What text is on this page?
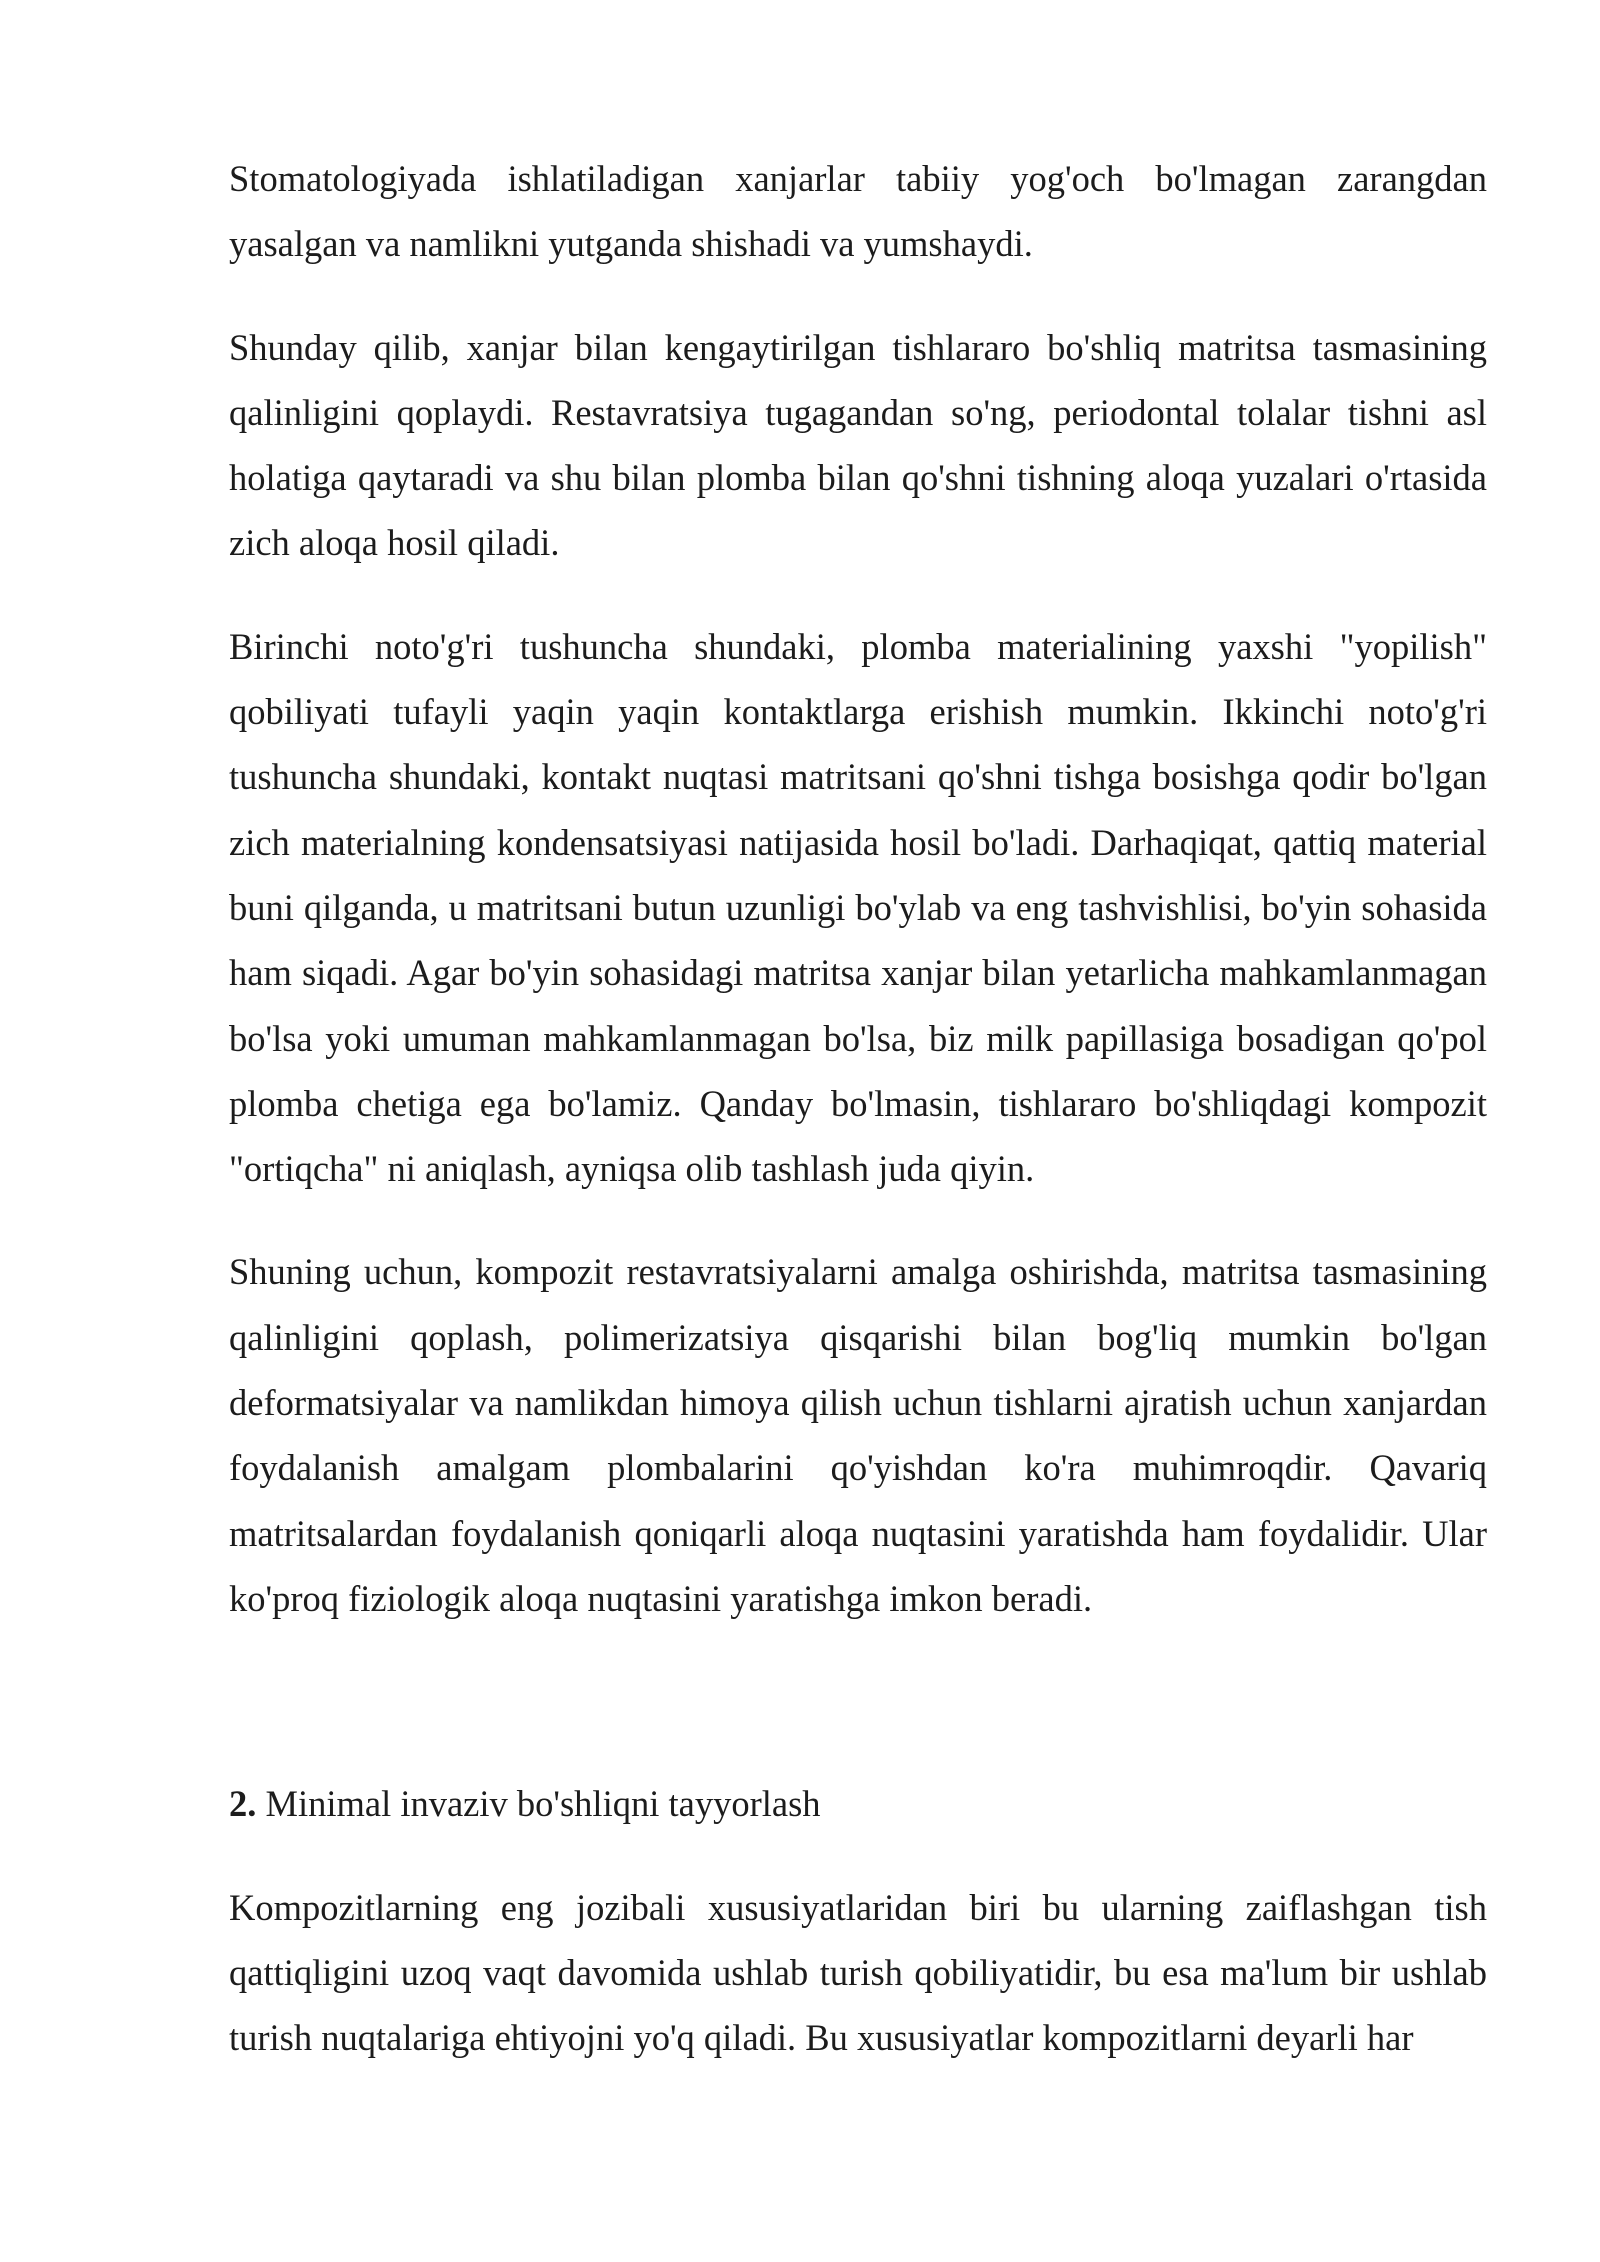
Stomatologiyada ishlatiladigan xanjarlar tabiiy yog'och bo'lmagan zarangdan yasalgan va namlikni yutganda shishadi va yumshaydi.

Shunday qilib, xanjar bilan kengaytirilgan tishlararo bo'shliq matritsa tasmasining qalinligini qoplaydi. Restavratsiya tugagandan so'ng, periodontal tolalar tishni asl holatiga qaytaradi va shu bilan plomba bilan qo'shni tishning aloqa yuzalari o'rtasida zich aloqa hosil qiladi.

Birinchi noto'g'ri tushuncha shundaki, plomba materialining yaxshi "yopilish" qobiliyati tufayli yaqin yaqin kontaktlarga erishish mumkin. Ikkinchi noto'g'ri tushuncha shundaki, kontakt nuqtasi matritsani qo'shni tishga bosishga qodir bo'lgan zich materialning kondensatsiyasi natijasida hosil bo'ladi. Darhaqiqat, qattiq material buni qilganda, u matritsani butun uzunligi bo'ylab va eng tashvishlisi, bo'yin sohasida ham siqadi. Agar bo'yin sohasidagi matritsa xanjar bilan yetarlicha mahkamlanmagan bo'lsa yoki umuman mahkamlanmagan bo'lsa, biz milk papillasiga bosadigan qo'pol plomba chetiga ega bo'lamiz. Qanday bo'lmasin, tishlararo bo'shliqdagi kompozit "ortiqcha" ni aniqlash, ayniqsa olib tashlash juda qiyin.

Shuning uchun, kompozit restavratsiyalarni amalga oshirishda, matritsa tasmasining qalinligini qoplash, polimerizatsiya qisqarishi bilan bog'liq mumkin bo'lgan deformatsiyalar va namlikdan himoya qilish uchun tishlarni ajratish uchun xanjardan foydalanish amalgam plombalarini qo'yishdan ko'ra muhimroqdir. Qavariq matritsalardan foydalanish qoniqarli aloqa nuqtasini yaratishda ham foydalidir. Ular ko'proq fiziologik aloqa nuqtasini yaratishga imkon beradi.

2. Minimal invaziv bo'shliqni tayyorlash

Kompozitlarning eng jozibali xususiyatlaridan biri bu ularning zaiflashgan tish qattiqligini uzoq vaqt davomida ushlab turish qobiliyatidir, bu esa ma'lum bir ushlab turish nuqtalariga ehtiyojni yo'q qiladi. Bu xususiyatlar kompozitlarni deyarli har
